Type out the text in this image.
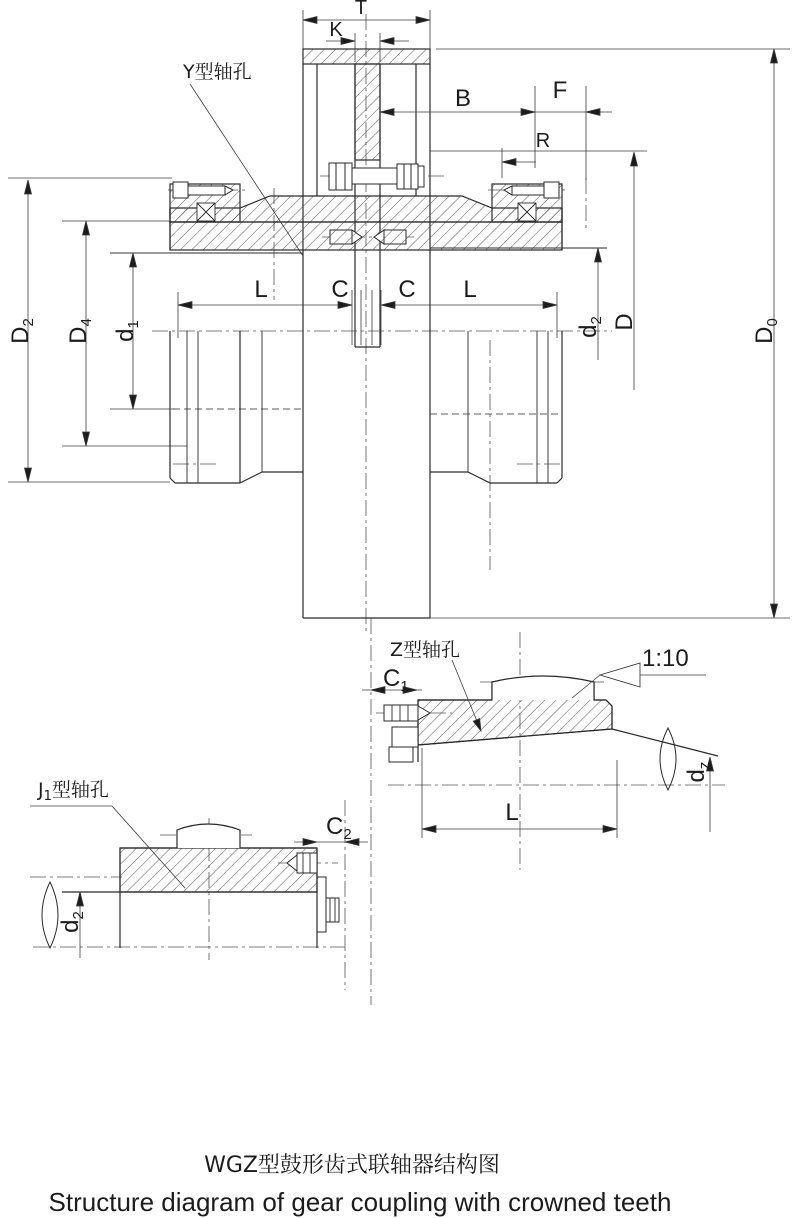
T
K
B	F
R
$D_2$
$D_4$
$d_1$
$d_2$ D
$D_0$
L	C C L
Y型轴孔
Z型轴孔
$C_1$
1:10
$d_z$
L
$J_1$型轴孔
$C_2$
$d_2$
WGZ型鼓形齿式联轴器结构图
Structure diagram of gear coupling with crowned teeth
